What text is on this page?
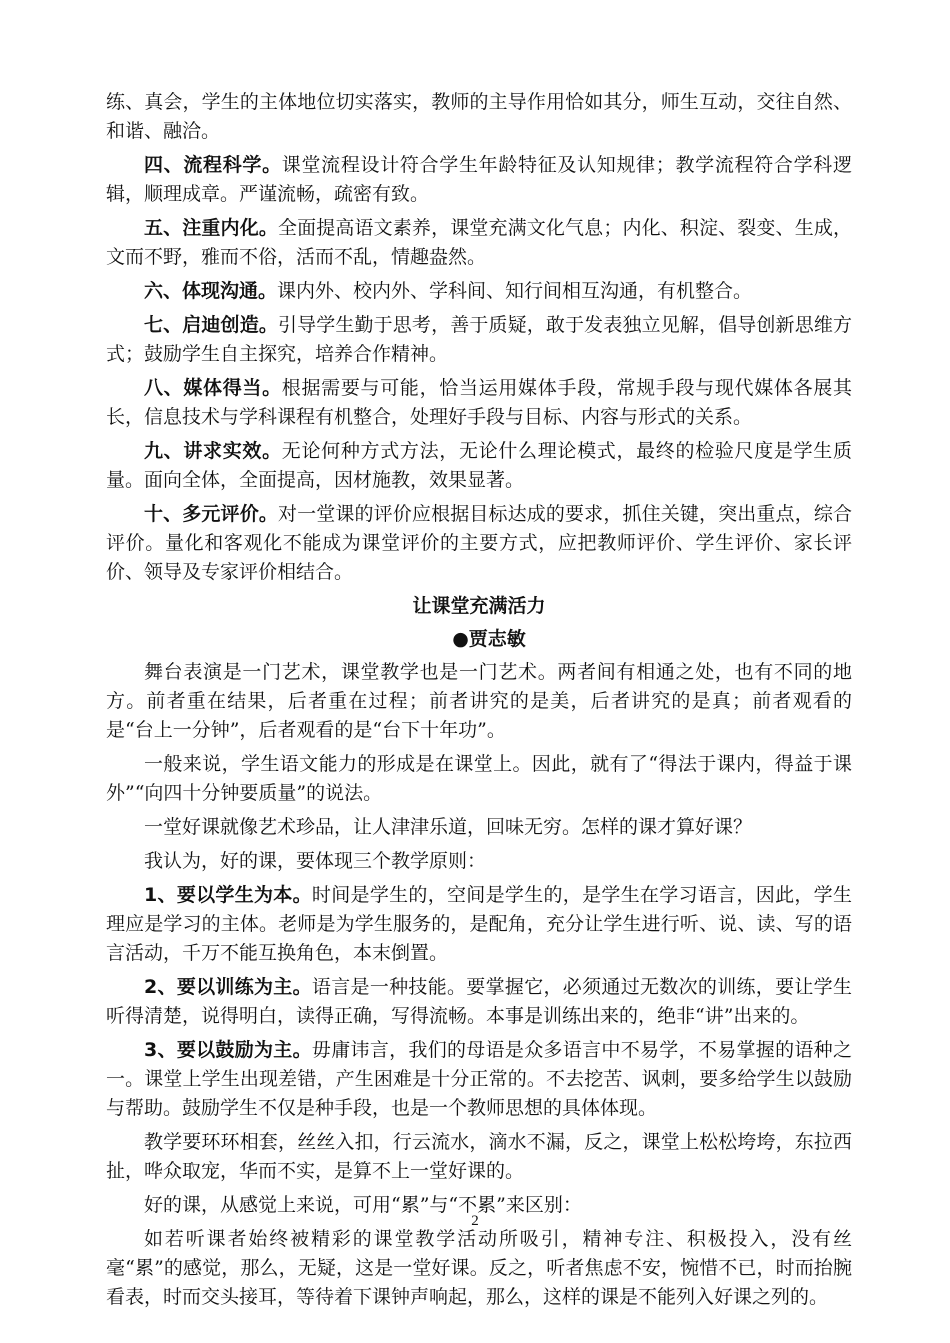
练、真会，学生的主体地位切实落实，教师的主导作用恰如其分，师生互动，交往自然、和谐、融洽。

四、流程科学。课堂流程设计符合学生年龄特征及认知规律；教学流程符合学科逻辑，顺理成章。严谨流畅，疏密有致。

五、注重内化。全面提高语文素养，课堂充满文化气息；内化、积淀、裂变、生成，文而不野，雅而不俗，活而不乱，情趣盎然。

六、体现沟通。课内外、校内外、学科间、知行间相互沟通，有机整合。

七、启迪创造。引导学生勤于思考，善于质疑，敢于发表独立见解，倡导创新思维方式；鼓励学生自主探究，培养合作精神。

八、媒体得当。根据需要与可能，恰当运用媒体手段，常规手段与现代媒体各展其长，信息技术与学科课程有机整合，处理好手段与目标、内容与形式的关系。

九、讲求实效。无论何种方式方法，无论什么理论模式，最终的检验尺度是学生质量。面向全体，全面提高，因材施教，效果显著。

十、多元评价。对一堂课的评价应根据目标达成的要求，抓住关键，突出重点，综合评价。量化和客观化不能成为课堂评价的主要方式，应把教师评价、学生评价、家长评价、领导及专家评价相结合。

让课堂充满活力
●贾志敏

舞台表演是一门艺术，课堂教学也是一门艺术。两者间有相通之处，也有不同的地方。前者重在结果，后者重在过程；前者讲究的是美，后者讲究的是真；前者观看的是“台上一分钟”，后者观看的是“台下十年功”。

一般来说，学生语文能力的形成是在课堂上。因此，就有了“得法于课内，得益于课外”“向四十分钟要质量”的说法。

一堂好课就像艺术珍品，让人津津乐道，回味无穷。怎样的课才算好课？

我认为，好的课，要体现三个教学原则：

1、要以学生为本。时间是学生的，空间是学生的，是学生在学习语言，因此，学生理应是学习的主体。老师是为学生服务的，是配角，充分让学生进行听、说、读、写的语言活动，千万不能互换角色，本末倒置。

2、要以训练为主。语言是一种技能。要掌握它，必须通过无数次的训练，要让学生听得清楚，说得明白，读得正确，写得流畅。本事是训练出来的，绝非“讲”出来的。

3、要以鼓励为主。毋庸讳言，我们的母语是众多语言中不易学，不易掌握的语种之一。课堂上学生出现差错，产生困难是十分正常的。不去挖苦、讽刺，要多给学生以鼓励与帮助。鼓励学生不仅是种手段，也是一个教师思想的具体体现。

教学要环环相套，丝丝入扣，行云流水，滴水不漏，反之，课堂上松松垮垮，东拉西扯，哗众取宠，华而不实，是算不上一堂好课的。

好的课，从感觉上来说，可用“累”与“不累”来区别：

如若听课者始终被精彩的课堂教学活动所吸引，精神专注、积极投入，没有丝毫“累”的感觉，那么，无疑，这是一堂好课。反之，听者焦虑不安，惋惜不已，时而抬腕看表，时而交头接耳，等待着下课钟声响起，那么，这样的课是不能列入好课之列的。

2
